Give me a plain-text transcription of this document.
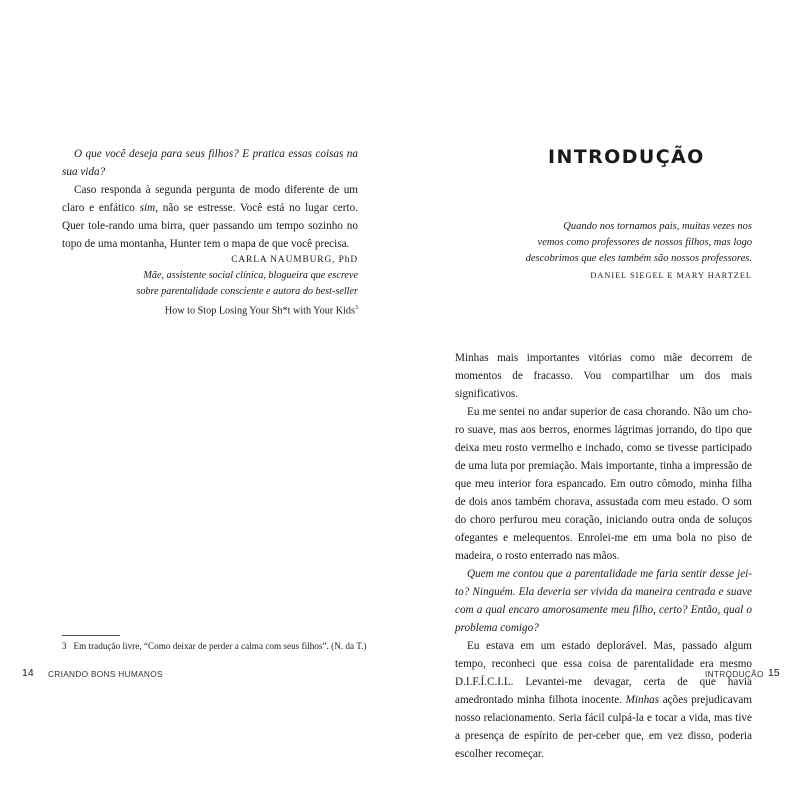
O que você deseja para seus filhos? E pratica essas coisas na sua vida?

Caso responda à segunda pergunta de modo diferente de um claro e enfático sim, não se estresse. Você está no lugar certo. Quer tole-rando uma birra, quer passando um tempo sozinho no topo de uma montanha, Hunter tem o mapa de que você precisa.

CARLA NAUMBURG, PhD
Mãe, assistente social clínica, blogueira que escreve
sobre parentalidade consciente e autora do best-seller
How to Stop Losing Your Sh*t with Your Kids$^3$
3 Em tradução livre, “Como deixar de perder a calma com seus filhos”. (N. da T.)
14 CRIANDO BONS HUMANOS
INTRODUÇÃO

Quando nos tornamos pais, muitas vezes nos

vemos como professores de nossos filhos, mas logo

descobrimos que eles também são nossos professores.

DANIEL SIEGEL E MARY HARTZEL

Minhas mais importantes vitórias como mãe decorrem de momentos de fracasso. Vou compartilhar um dos mais significativos.

Eu me sentei no andar superior de casa chorando. Não um cho-ro suave, mas aos berros, enormes lágrimas jorrando, do tipo que deixa meu rosto vermelho e inchado, como se tivesse participado de uma luta por premiação. Mais importante, tinha a impressão de que meu interior fora espancado. Em outro cômodo, minha filha de dois anos também chorava, assustada com meu estado. O som do choro perfurou meu coração, iniciando outra onda de soluços ofegantes e melequentos. Enrolei-me em uma bola no piso de madeira, o rosto enterrado nas mãos.

Quem me contou que a parentalidade me faria sentir desse jei-to? Ninguém. Ela deveria ser vivida da maneira centrada e suave com a qual encaro amorosamente meu filho, certo? Então, qual o problema comigo?

Eu estava em um estado deplorável. Mas, passado algum tempo, reconheci que essa coisa de parentalidade era mesmo D.I.F.Í.C.I.L. Levantei-me devagar, certa de que havia amedrontado minha filhota inocente. Minhas ações prejudicavam nosso relacionamento. Seria fácil culpá-la e tocar a vida, mas tive a presença de espírito de per-ceber que, em vez disso, poderia escolher recomeçar.

INTRODUÇÃO 15
